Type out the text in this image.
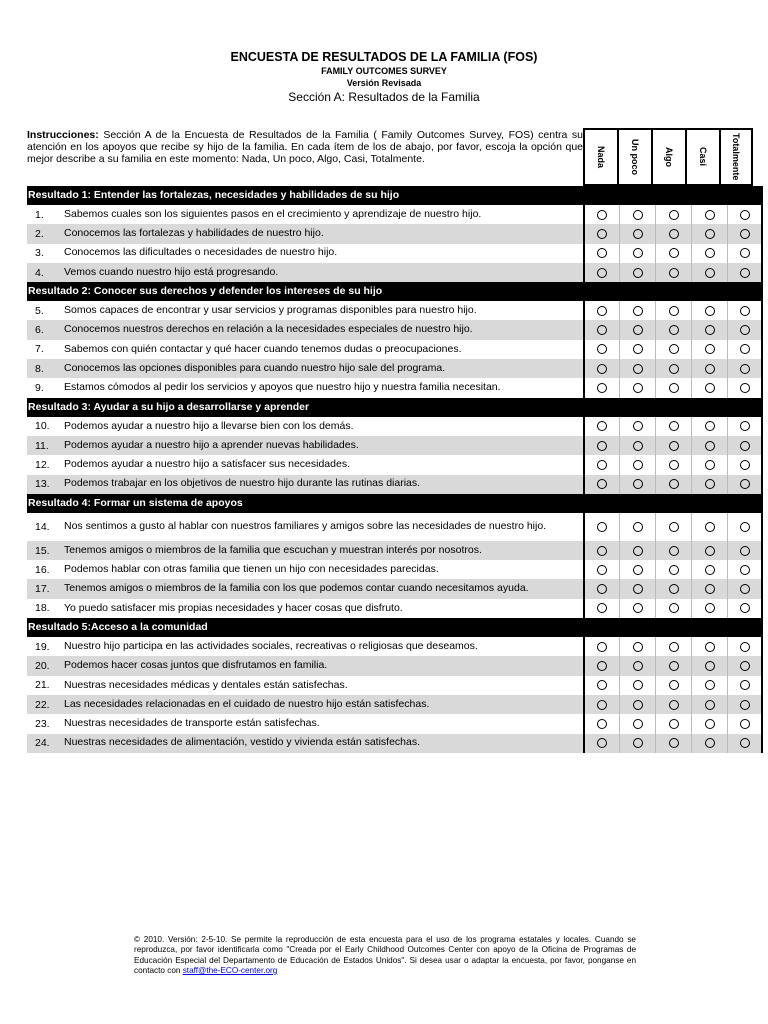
ENCUESTA DE RESULTADOS DE LA FAMILIA (FOS)
FAMILY OUTCOMES SURVEY
Versión Revisada
Sección A: Resultados de la Familia
Instrucciones: Sección A de la Encuesta de Resultados de la Familia ( Family Outcomes Survey, FOS) centra su atención en los apoyos que recibe sy hijo de la familia. En cada ítem de los de abajo, por favor, escoja la opción que mejor describe a su familia en este momento: Nada, Un poco, Algo, Casi, Totalmente.	Nada	Un poco	Algo	Casi	Totalmente
Resultado 1: Entender las fortalezas, necesidades y habilidades de su hijo
1.	Sabemos cuales son los siguientes pasos en el crecimiento y aprendizaje de nuestro hijo.
2.	Conocemos las fortalezas y habilidades de nuestro hijo.
3.	Conocemos las dificultades o necesidades de nuestro hijo.
4.	Vemos cuando nuestro hijo está progresando.
Resultado 2: Conocer sus derechos y defender los intereses de su hijo
5.	Somos capaces de encontrar y usar servicios y programas disponibles para nuestro hijo.
6.	Conocemos nuestros derechos en relación a la necesidades especiales de nuestro hijo.
7.	Sabemos con quién contactar y qué hacer cuando tenemos dudas o preocupaciones.
8.	Conocemos las opciones disponibles para cuando nuestro hijo sale del programa.
9.	Estamos cómodos al pedir los servicios y apoyos que nuestro hijo y nuestra familia necesitan.
Resultado 3: Ayudar a su hijo a desarrollarse y aprender
10.	Podemos ayudar a nuestro hijo a llevarse bien con los demás.
11.	Podemos ayudar a nuestro hijo a aprender nuevas habilidades.
12.	Podemos ayudar a nuestro hijo a satisfacer sus necesidades.
13.	Podemos trabajar en los objetivos de nuestro hijo durante las rutinas diarias.
Resultado 4: Formar un sistema de apoyos
14.	Nos sentimos a gusto al hablar con nuestros familiares y amigos sobre las necesidades de nuestro hijo.
15.	Tenemos amigos o miembros de la familia que escuchan y muestran interés por nosotros.
16.	Podemos hablar con otras familia que tienen un hijo con necesidades parecidas.
17.	Tenemos amigos o miembros de la familia con los que podemos contar cuando necesitamos ayuda.
18.	Yo puedo satisfacer mis propias necesidades y hacer cosas que disfruto.
Resultado 5:Acceso a la comunidad
19.	Nuestro hijo participa en las actividades sociales, recreativas o religiosas que deseamos.
20.	Podemos hacer cosas juntos que disfrutamos en familia.
21.	Nuestras necesidades médicas y dentales están satisfechas.
22.	Las necesidades relacionadas en el cuidado de nuestro hijo están satisfechas.
23.	Nuestras necesidades de transporte están satisfechas.
24.	Nuestras necesidades de alimentación, vestido y vivienda están satisfechas.
© 2010. Versión: 2-5-10. Se permite la reproducción de esta encuesta para el uso de los programa estatales y locales. Cuando se reproduzca, por favor identificarla como "Creada por el Early Childhood Outcomes Center con apoyo de la Oficina de Programas de Educación Especial del Departamento de Educación de Estados Unidos". Si desea usar o adaptar la encuesta, por favor, ponganse en contacto con staff@the-ECO-center.org
